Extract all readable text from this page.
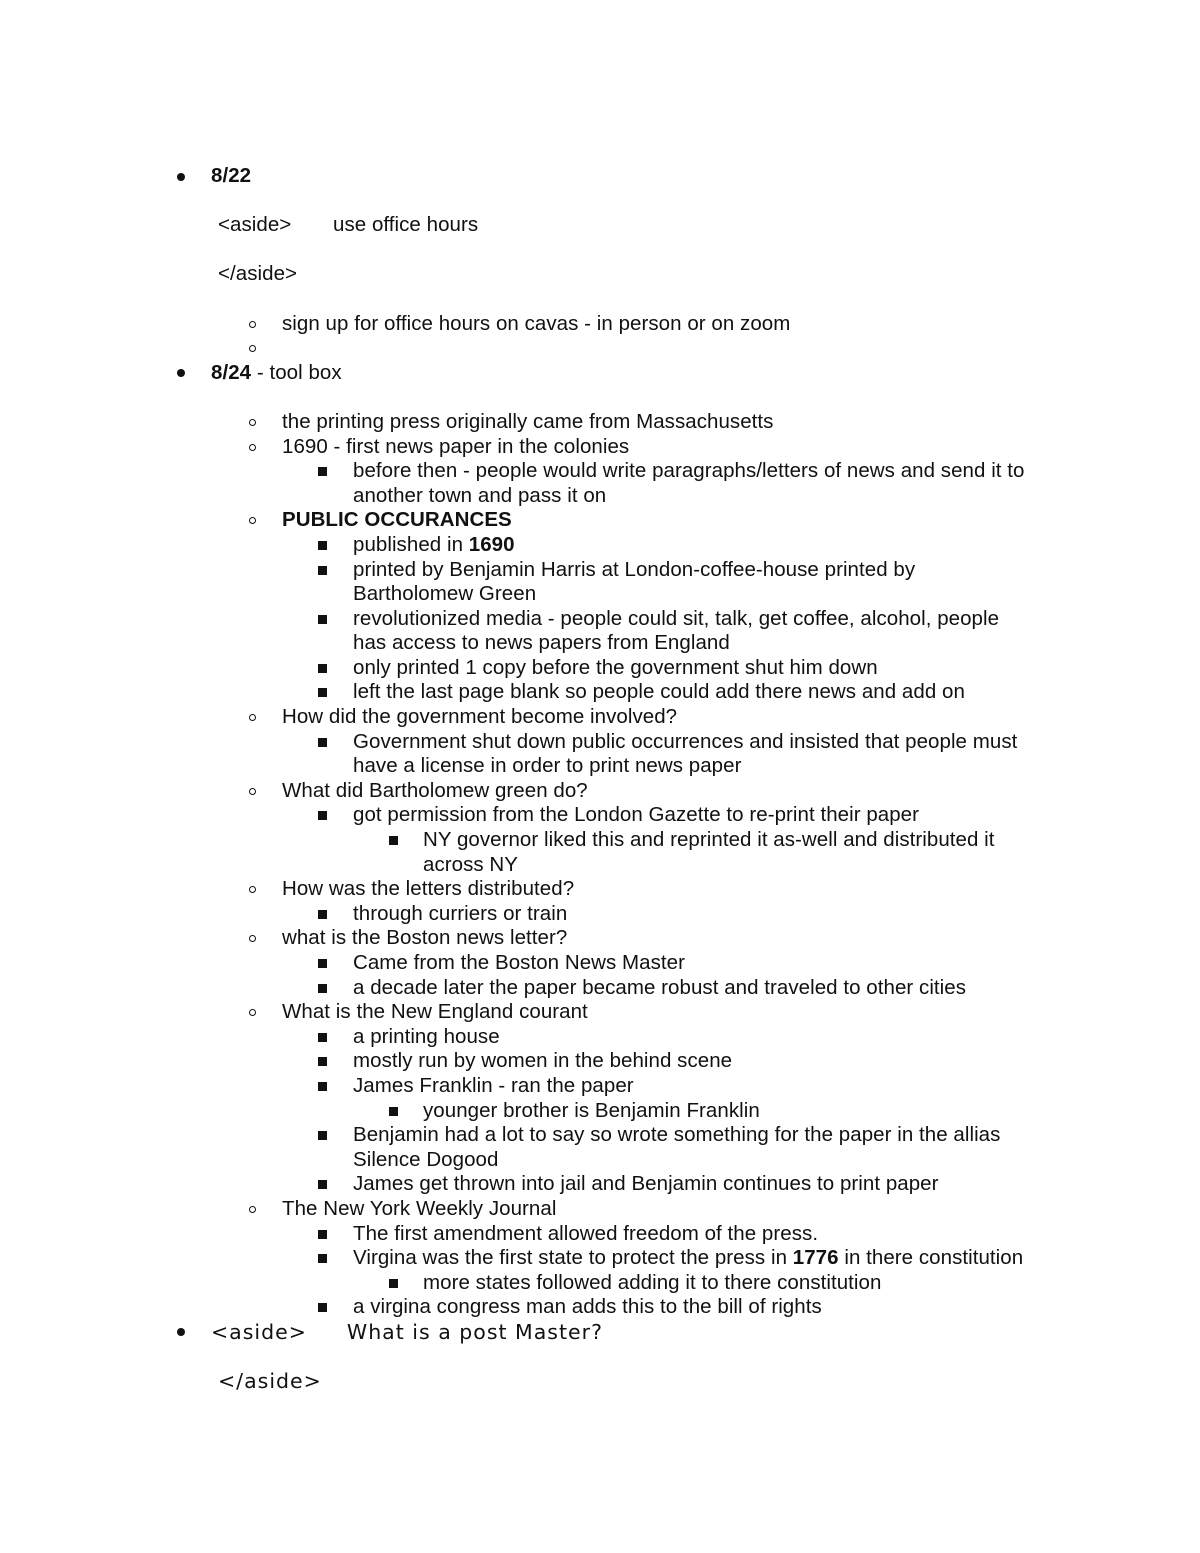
8/22
<aside> use office hours
</aside>
sign up for office hours on cavas - in person or on zoom
8/24 - tool box
the printing press originally came from Massachusetts
1690 - first news paper in the colonies
before then - people would write paragraphs/letters of news and send it to
another town and pass it on
PUBLIC OCCURANCES
published in 1690
printed by Benjamin Harris at London-coffee-house printed by
Bartholomew Green
revolutionized media - people could sit, talk, get coffee, alcohol, people
has access to news papers from England
only printed 1 copy before the government shut him down
left the last page blank so people could add there news and add on
How did the government become involved?
Government shut down public occurrences and insisted that people must
have a license in order to print news paper
What did Bartholomew green do?
got permission from the London Gazette to re-print their paper
NY governor liked this and reprinted it as-well and distributed it
across NY
How was the letters distributed?
through curriers or train
what is the Boston news letter?
Came from the Boston News Master
a decade later the paper became robust and traveled to other cities
What is the New England courant
a printing house
mostly run by women in the behind scene
James Franklin - ran the paper
younger brother is Benjamin Franklin
Benjamin had a lot to say so wrote something for the paper in the allias
Silence Dogood
James get thrown into jail and Benjamin continues to print paper
The New York Weekly Journal
The first amendment allowed freedom of the press.
Virgina was the first state to protect the press in 1776 in there constitution
more states followed adding it to there constitution
a virgina congress man adds this to the bill of rights
<aside> What is a post Master?
</aside>
